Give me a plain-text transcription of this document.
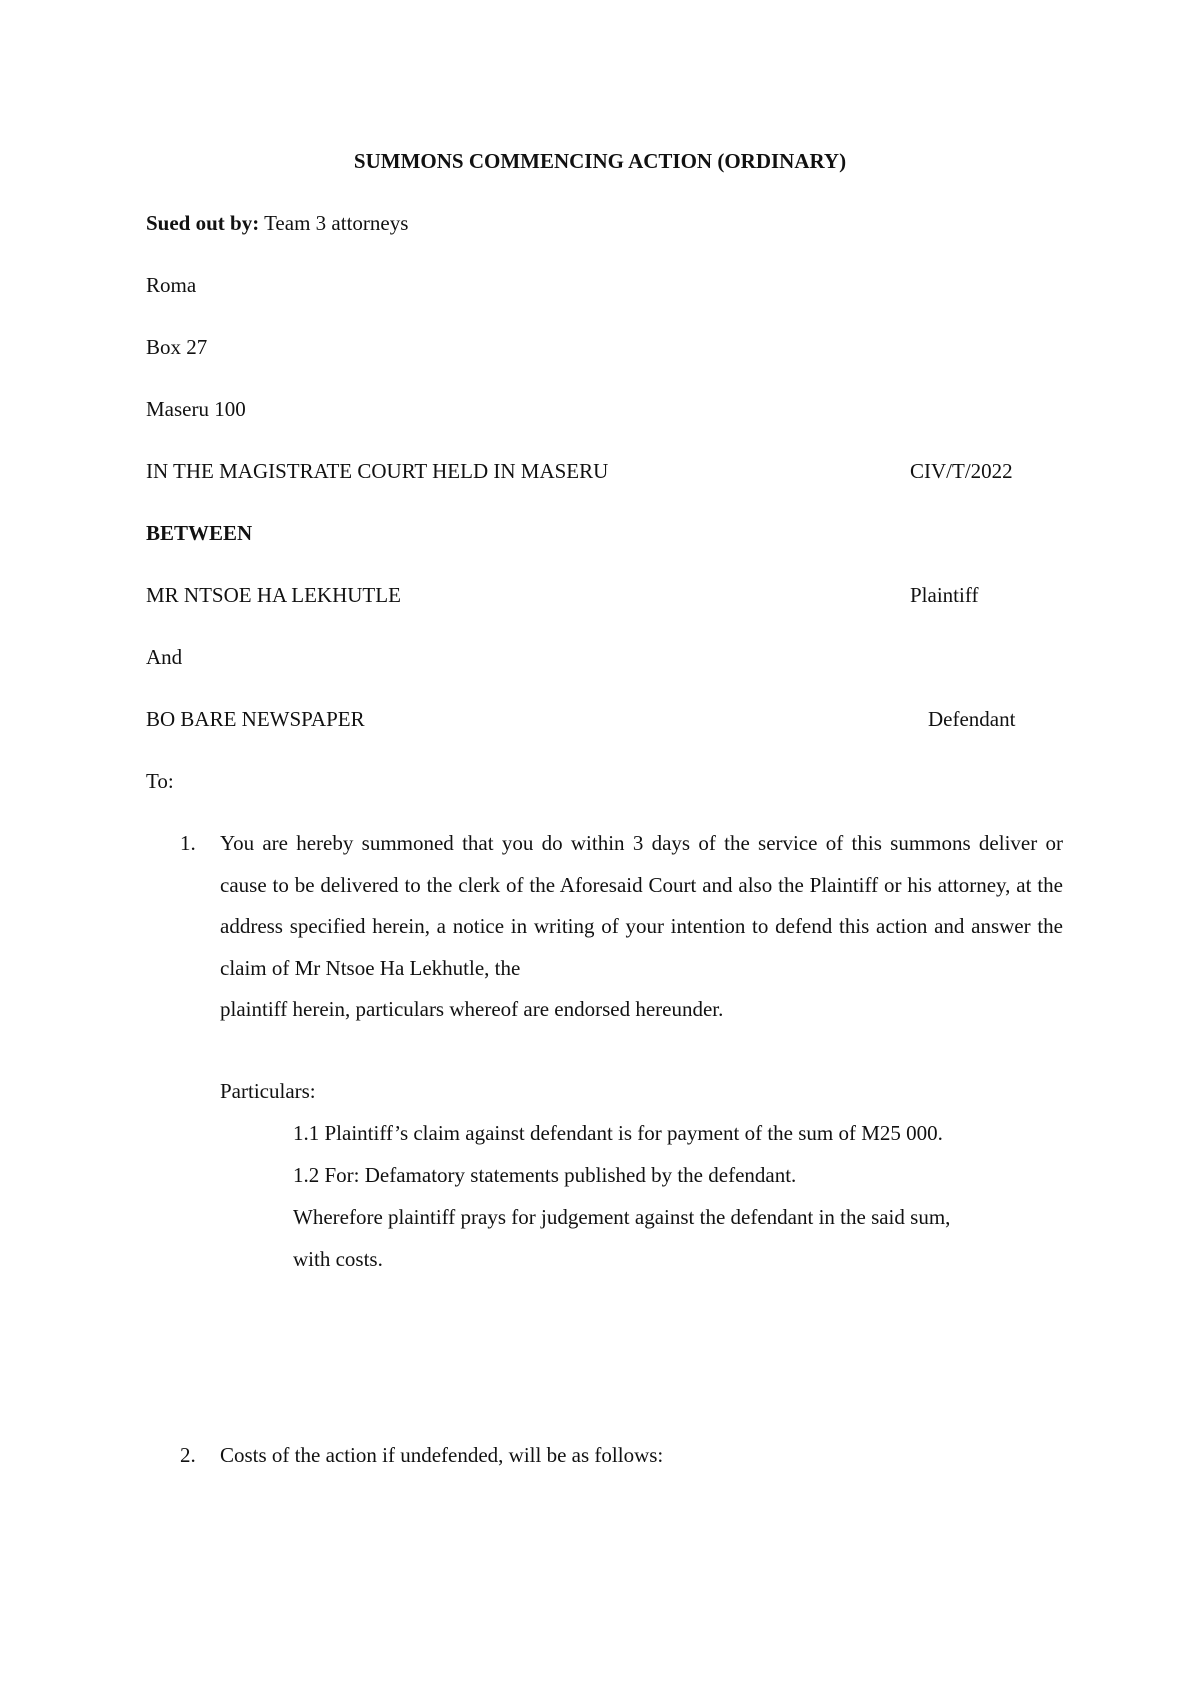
SUMMONS COMMENCING ACTION (ORDINARY)
Sued out by: Team 3 attorneys
Roma
Box 27
Maseru 100
IN THE MAGISTRATE COURT HELD IN MASERU	CIV/T/2022
BETWEEN
MR NTSOE HA LEKHUTLE	Plaintiff
And
BO BARE NEWSPAPER	Defendant
To:
1. You are hereby summoned that you do within 3 days of the service of this summons deliver or cause to be delivered to the clerk of the Aforesaid Court and also the Plaintiff or his attorney, at the address specified herein, a notice in writing of your intention to defend this action and answer the claim of Mr Ntsoe Ha Lekhutle, the
plaintiff herein, particulars whereof are endorsed hereunder.
Particulars:
1.1 Plaintiff’s claim against defendant is for payment of the sum of M25 000.
1.2 For: Defamatory statements published by the defendant.
Wherefore plaintiff prays for judgement against the defendant in the said sum,
with costs.
2. Costs of the action if undefended, will be as follows:
